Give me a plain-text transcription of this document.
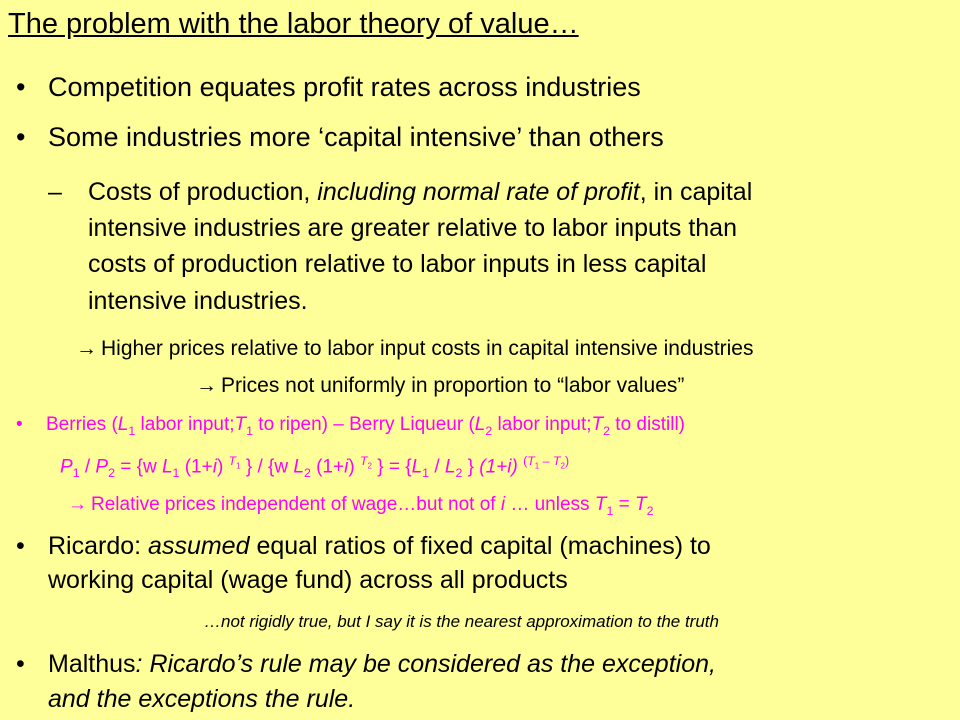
The problem with the labor theory of value…
• Competition equates profit rates across industries
• Some industries more ‘capital intensive’ than others
– Costs of production, including normal rate of profit, in capital
intensive industries are greater relative to labor inputs than
costs of production relative to labor inputs in less capital
intensive industries.
→ Higher prices relative to labor input costs in capital intensive industries
→ Prices not uniformly in proportion to “labor values”
• Berries ($L_1$ labor $input;T_1$ to ripen) – Berry Liqueur ($L_2$ labor $input;T_2$ to distill)
$P_1 / P_2 = \{w$ $L_1$ (1+i) $^{T_1}$ } / {w $L_2$ (1+i) $^{T_2}$ } = {$L_1 / L_2$ } (1+i) $^{(T_1 - T_2)}$
→ Relative prices independent of wage…but not of i … unless $T_1 = T_2$
• Ricardo: assumed equal ratios of fixed capital (machines) to
working capital (wage fund) across all products
…not rigidly true, but I say it is the nearest approximation to the truth
• Malthus: Ricardo’s rule may be considered as the exception,
and the exceptions the rule.
